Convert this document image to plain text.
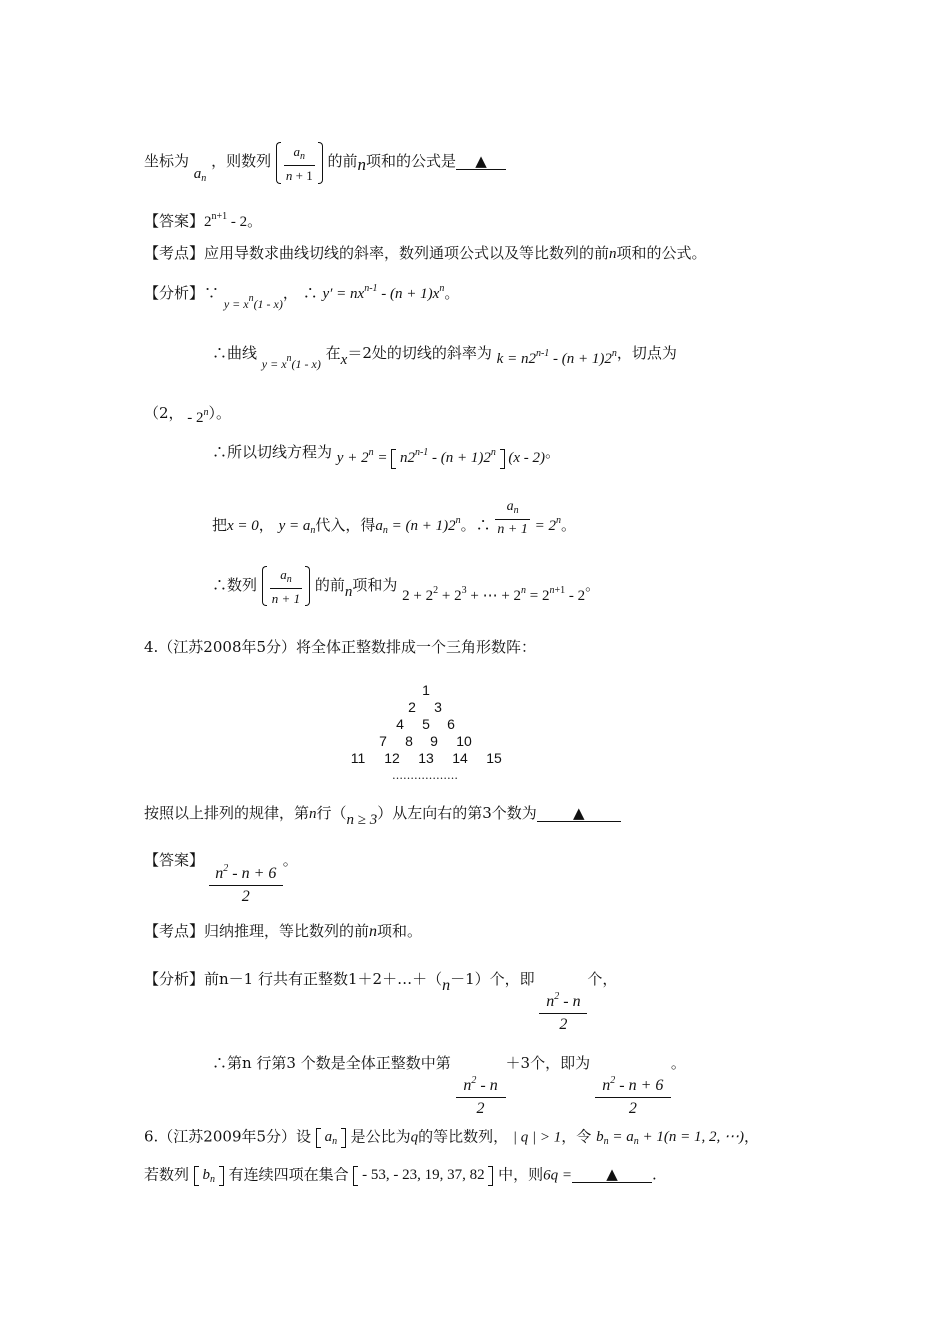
坐标为 $a_n$ ，则数列 $\frac{a_n}{n + 1}$ 的前n项和的公式是 ▲
【答案】$2^{n+1} - 2$。
【考点】应用导数求曲线切线的斜率，数列通项公式以及等比数列的前n项和的公式。
【分析】∵ $_{y = x^n(1 - x)}$， ∴ $y' = nx^{n-1} - (n + 1)x^n$。
∴曲线 $_{y = x^n(1 - x)}$ 在x＝2处的切线的斜率为 $k = n2^{n-1} - (n + 1)2^n$，切点为
（2， - 2$^n$）。
∴所以切线方程为 $y + 2^n = n2^{n-1} - (n + 1)2^n$  (x - 2)。
把x = 0， $y = a_n$代入，得$a_n = (n + 1)2^n$。∴ $\frac{a_n}{n + 1} = 2^n$。
∴数列 $\frac{a_n}{n + 1}$ 的前n项和为 $2 + 2^2 + 2^3$ + ⋯ + $2^n = 2^{n+1} - 2$。
4.（江苏2008年5分）将全体正整数排成一个三角形数阵：
1
2 3
4 5 6
7 8 9	10
11	12	13	14	15
………………
按照以上排列的规律，第n行（n ≥ 3）从左向右的第3个数为 ▲
【答案】
$\frac{n^2 - n + 6}{2}$
。
【考点】归纳推理，等比数列的前n项和。
【分析】前n－1 行共有正整数1＋2＋…＋（n－1）个，即
$\frac{n^2 - n}{2}$
个，
∴第n 行第3 个数是全体正整数中第
$\frac{n^2 - n}{2}$
＋3个，即为
$\frac{n^2 - n + 6}{2}$
。
6.（江苏2009年5分）设  $a_n$ 是公比为q的等比数列， | q | > 1，令 $b_n = a_n + 1(n = 1$, 2, ⋯)，
若数列  $b_n$ 有连续四项在集合  - 53, - 23, 19, 37, 82  中，则6q = ▲ .
